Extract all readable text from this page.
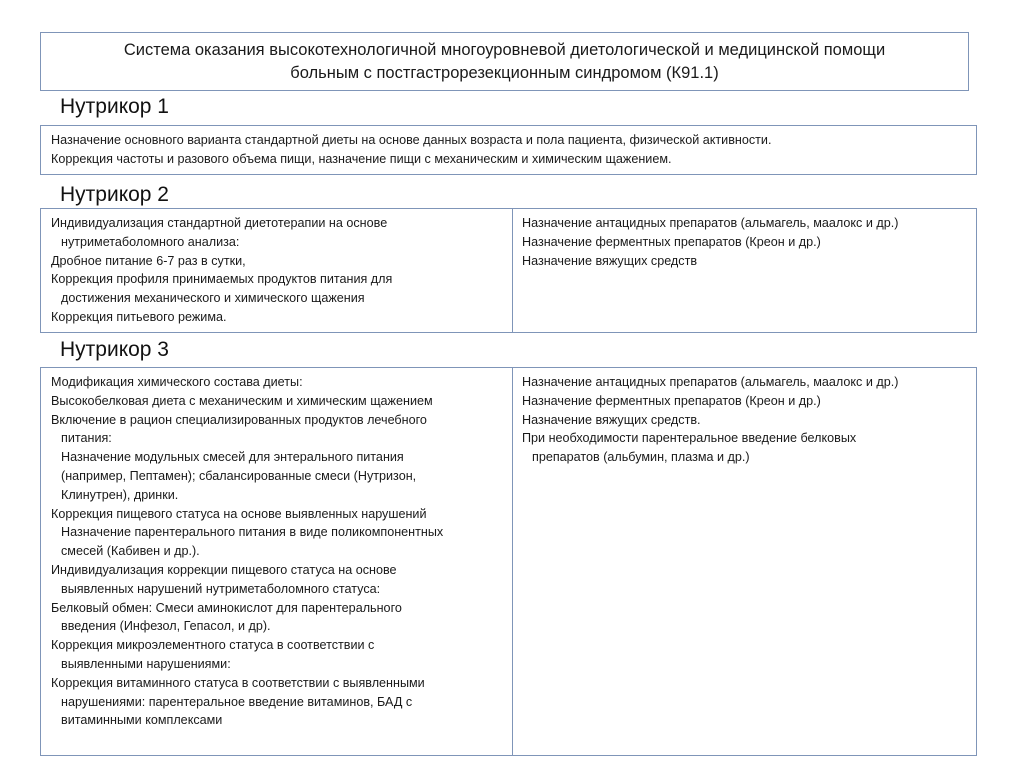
Система оказания высокотехнологичной многоуровневой диетологической и медицинской помощи
больным с постгастрорезекционным синдромом (К91.1)
Нутрикор 1
Назначение основного варианта стандартной диеты на основе данных возраста и пола пациента, физической активности.
Коррекция частоты и разового объема пищи, назначение пищи с механическим и химическим щажением.
Нутрикор 2
Индивидуализация стандартной диетотерапии на основе
нутриметаболомного анализа:
Дробное питание 6-7 раз в сутки,
Коррекция профиля принимаемых продуктов питания для
достижения механического и химического щажения
Коррекция питьевого режима.
Назначение антацидных препаратов (альмагель, маалокс и др.)
Назначение ферментных препаратов (Креон и др.)
Назначение вяжущих средств
Нутрикор 3
Модификация химического состава диеты:
Высокобелковая диета с механическим и химическим щажением
Включение в рацион специализированных продуктов лечебного
питания:
Назначение модульных смесей для энтерального питания
(например, Пептамен); сбалансированные смеси (Нутризон,
Клинутрен), дринки.
Коррекция пищевого статуса на основе выявленных нарушений
Назначение парентерального питания в виде поликомпонентных
смесей (Кабивен и др.).
Индивидуализация коррекции пищевого статуса на основе
выявленных нарушений нутриметаболомного статуса:
Белковый обмен: Смеси аминокислот для парентерального
введения (Инфезол, Гепасол, и др).
Коррекция микроэлементного статуса в соответствии с
выявленными нарушениями:
Коррекция витаминного статуса в соответствии с выявленными
нарушениями: парентеральное введение витаминов, БАД с
витаминными комплексами
Назначение антацидных препаратов (альмагель, маалокс и др.)
Назначение ферментных препаратов (Креон и др.)
Назначение вяжущих средств.
При необходимости парентеральное введение белковых
препаратов (альбумин, плазма и др.)
